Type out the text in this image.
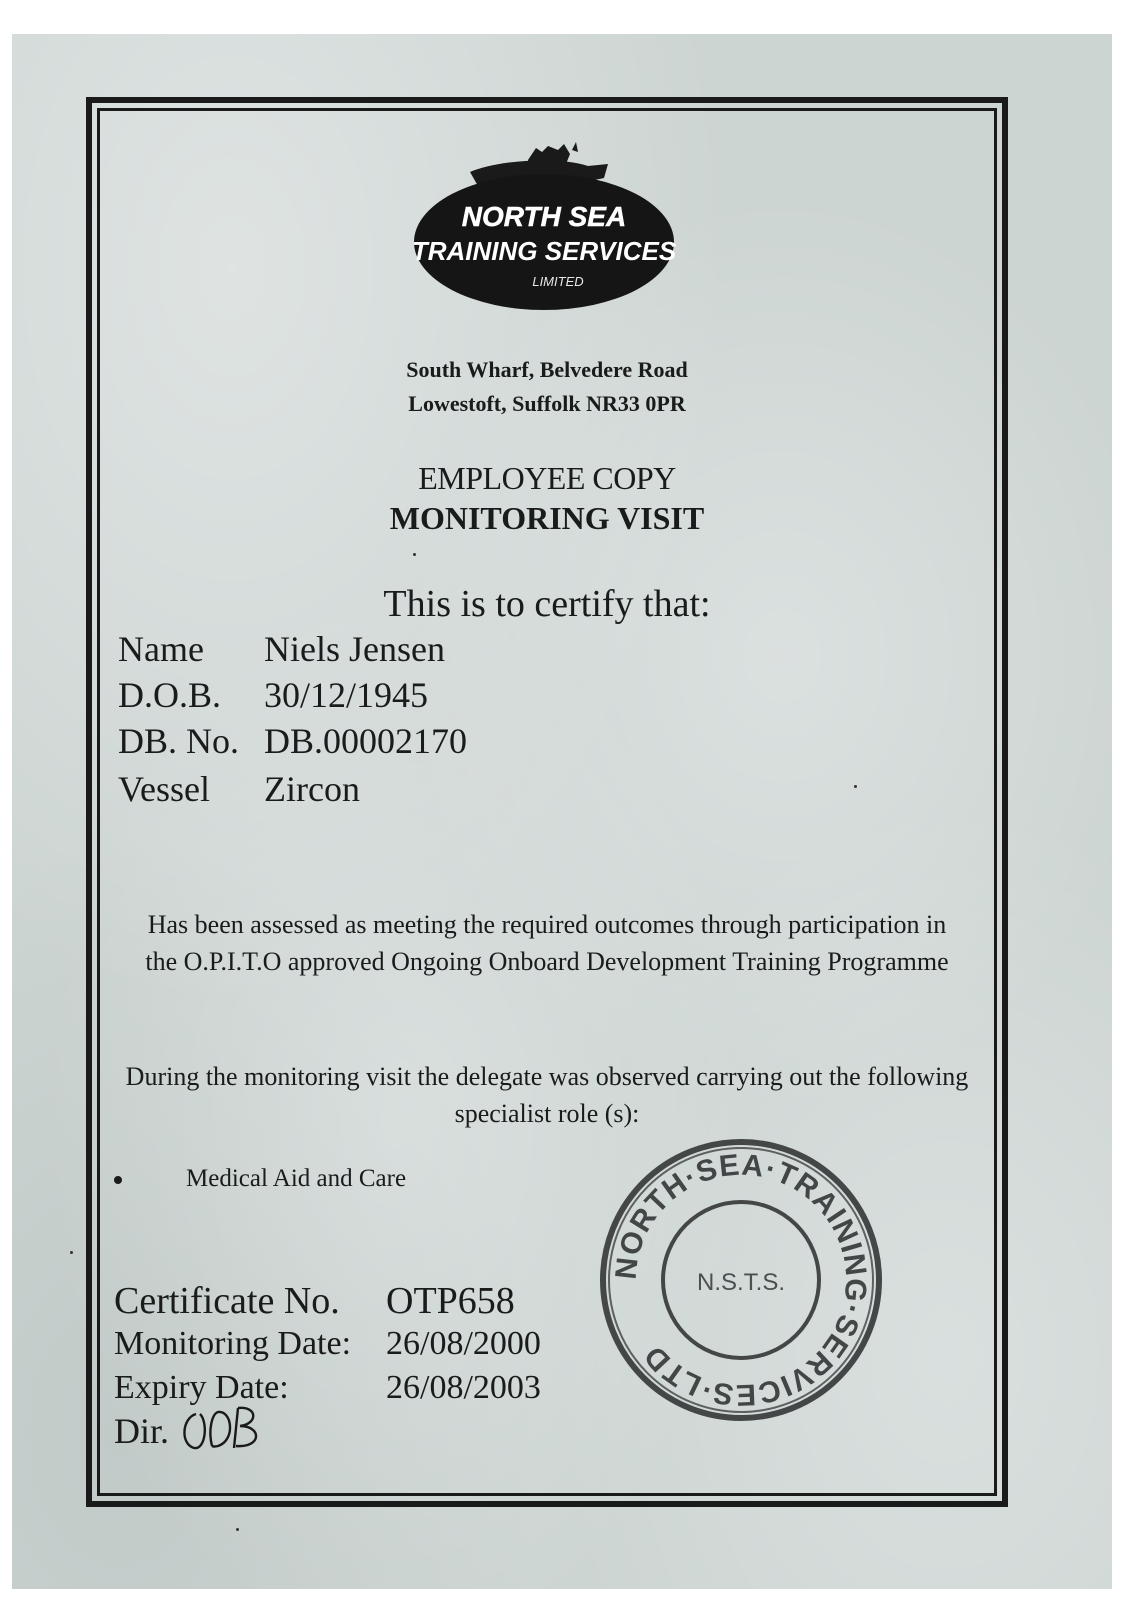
NORTH SEA
TRAINING SERVICES
LIMITED
South Wharf, Belvedere Road
Lowestoft, Suffolk NR33 0PR
EMPLOYEE COPY
MONITORING VISIT
This is to certify that:
Name Niels Jensen
D.O.B. 30/12/1945
DB. No. DB.00002170
Vessel Zircon
Has been assessed as meeting the required outcomes through participation in the O.P.I.T.O approved Ongoing Onboard Development Training Programme
During the monitoring visit the delegate was observed carrying out the following specialist role (s):
Medical Aid and Care
Certificate No. OTP658
Monitoring Date: 26/08/2000
Expiry Date:	26/08/2003
Dir.
NORTH·SEA·TRAINING·SERVICES·LTD
N.S.T.S.
